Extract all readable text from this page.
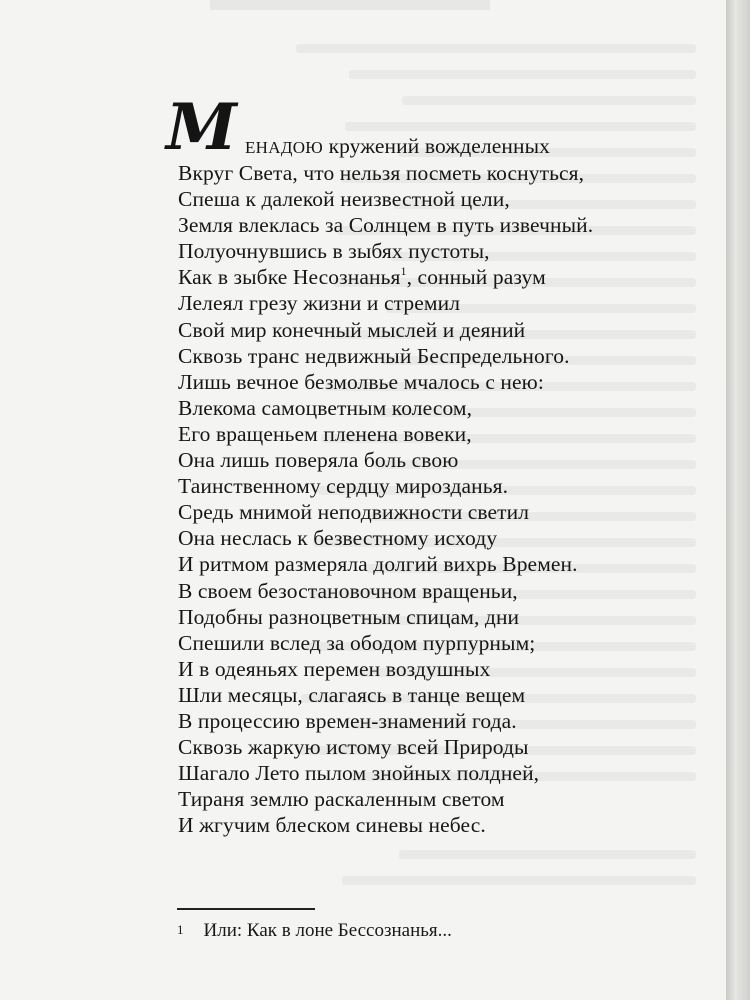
М ЕНАДОЮ кружений вожделенных
Вкруг Света, что нельзя посметь коснуться,
Спеша к далекой неизвестной цели,
Земля влеклась за Солнцем в путь извечный.
Полуочнувшись в зыбях пустоты,
Как в зыбке Несознанья$^1$, сонный разум
Лелеял грезу жизни и стремил
Свой мир конечный мыслей и деяний
Сквозь транс недвижный Беспредельного.
Лишь вечное безмолвье мчалось с нею:
Влекома самоцветным колесом,
Его вращеньем пленена вовеки,
Она лишь поверяла боль свою
Таинственному сердцу мирозданья.
Средь мнимой неподвижности светил
Она неслась к безвестному исходу
И ритмом размеряла долгий вихрь Времен.
В своем безостановочном вращеньи,
Подобны разноцветным спицам, дни
Спешили вслед за ободом пурпурным;
И в одеяньях перемен воздушных
Шли месяцы, слагаясь в танце вещем
В процессию времен-знамений года.
Сквозь жаркую истому всей Природы
Шагало Лето пылом знойных полдней,
Тираня землю раскаленным светом
И жгучим блеском синевы небес.
$^1$ Или: Как в лоне Бессознанья...
